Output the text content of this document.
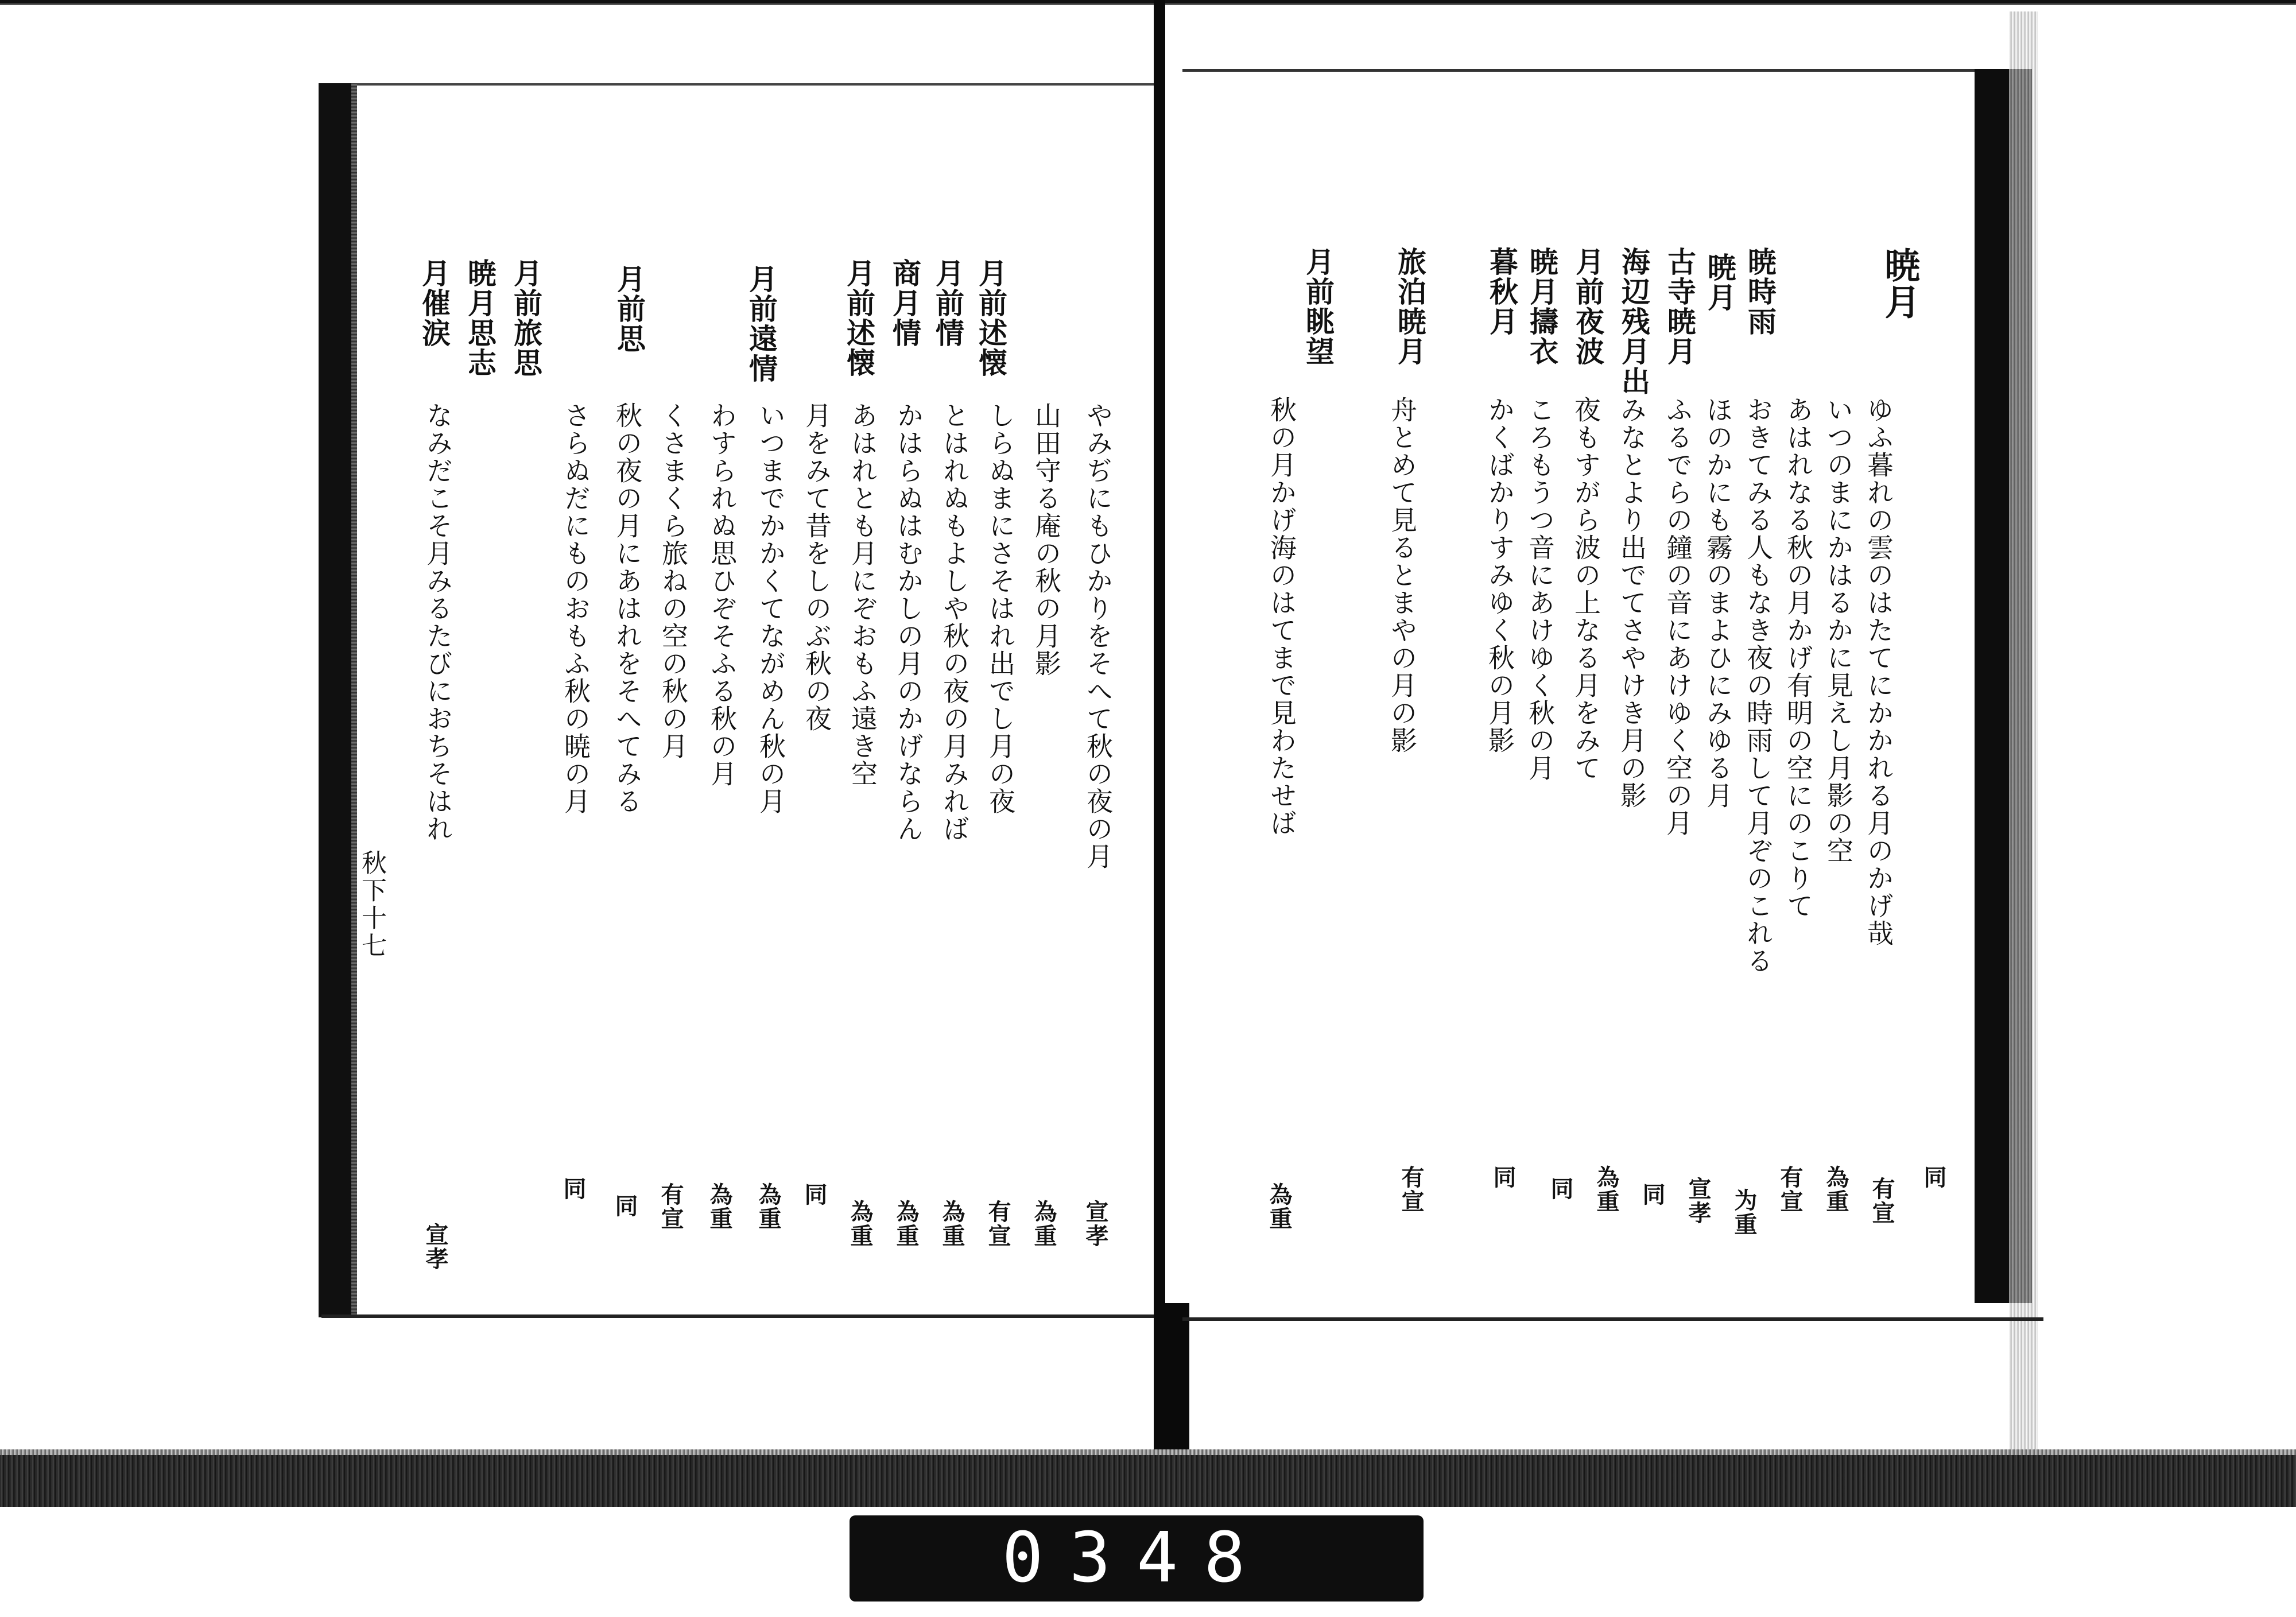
暁月
ゆふ暮れの雲のはたてにかかれる月のかげ哉
同
いつのまにかはるかに見えし月影の空
有宣
あはれなる秋の月かげ有明の空にのこりて
為重
暁時雨
おきてみる人もなき夜の時雨して月ぞのこれる
有宣
暁月
ほのかにも霧のまよひにみゆる月
为重
古寺暁月
ふるでらの鐘の音にあけゆく空の月
宣孝
海辺残月出
みなとより出でてさやけき月の影
同
月前夜波
夜もすがら波の上なる月をみて
為重
暁月擣衣
ころもうつ音にあけゆく秋の月
同
暮秋月
かくばかりすみゆく秋の月影
同
旅泊暁月
舟とめて見るとまやの月の影
有宣
月前眺望
秋の月かげ海のはてまで見わたせば
為重
月前述懐
やみぢにもひかりをそへて秋の夜の月
宣孝
山田守る庵の秋の月影
為重
月前情
しらぬまにさそはれ出でし月の夜
有宣
商月情
とはれぬもよしや秋の夜の月みれば
為重
月前述懐
かはらぬはむかしの月のかげならん
為重
月前遠情
あはれとも月にぞおもふ遠き空
為重
月をみて昔をしのぶ秋の夜
同
いつまでかかくてながめん秋の月
為重
月前思
わすられぬ思ひぞそふる秋の月
為重
月前旅思
くさまくら旅ねの空の秋の月
有宣
秋の夜の月にあはれをそへてみる
同
暁月思志
さらぬだにものおもふ秋の暁の月
同
月催涙
なみだこそ月みるたびにおちそはれ
宣孝
秋下十七
0348
